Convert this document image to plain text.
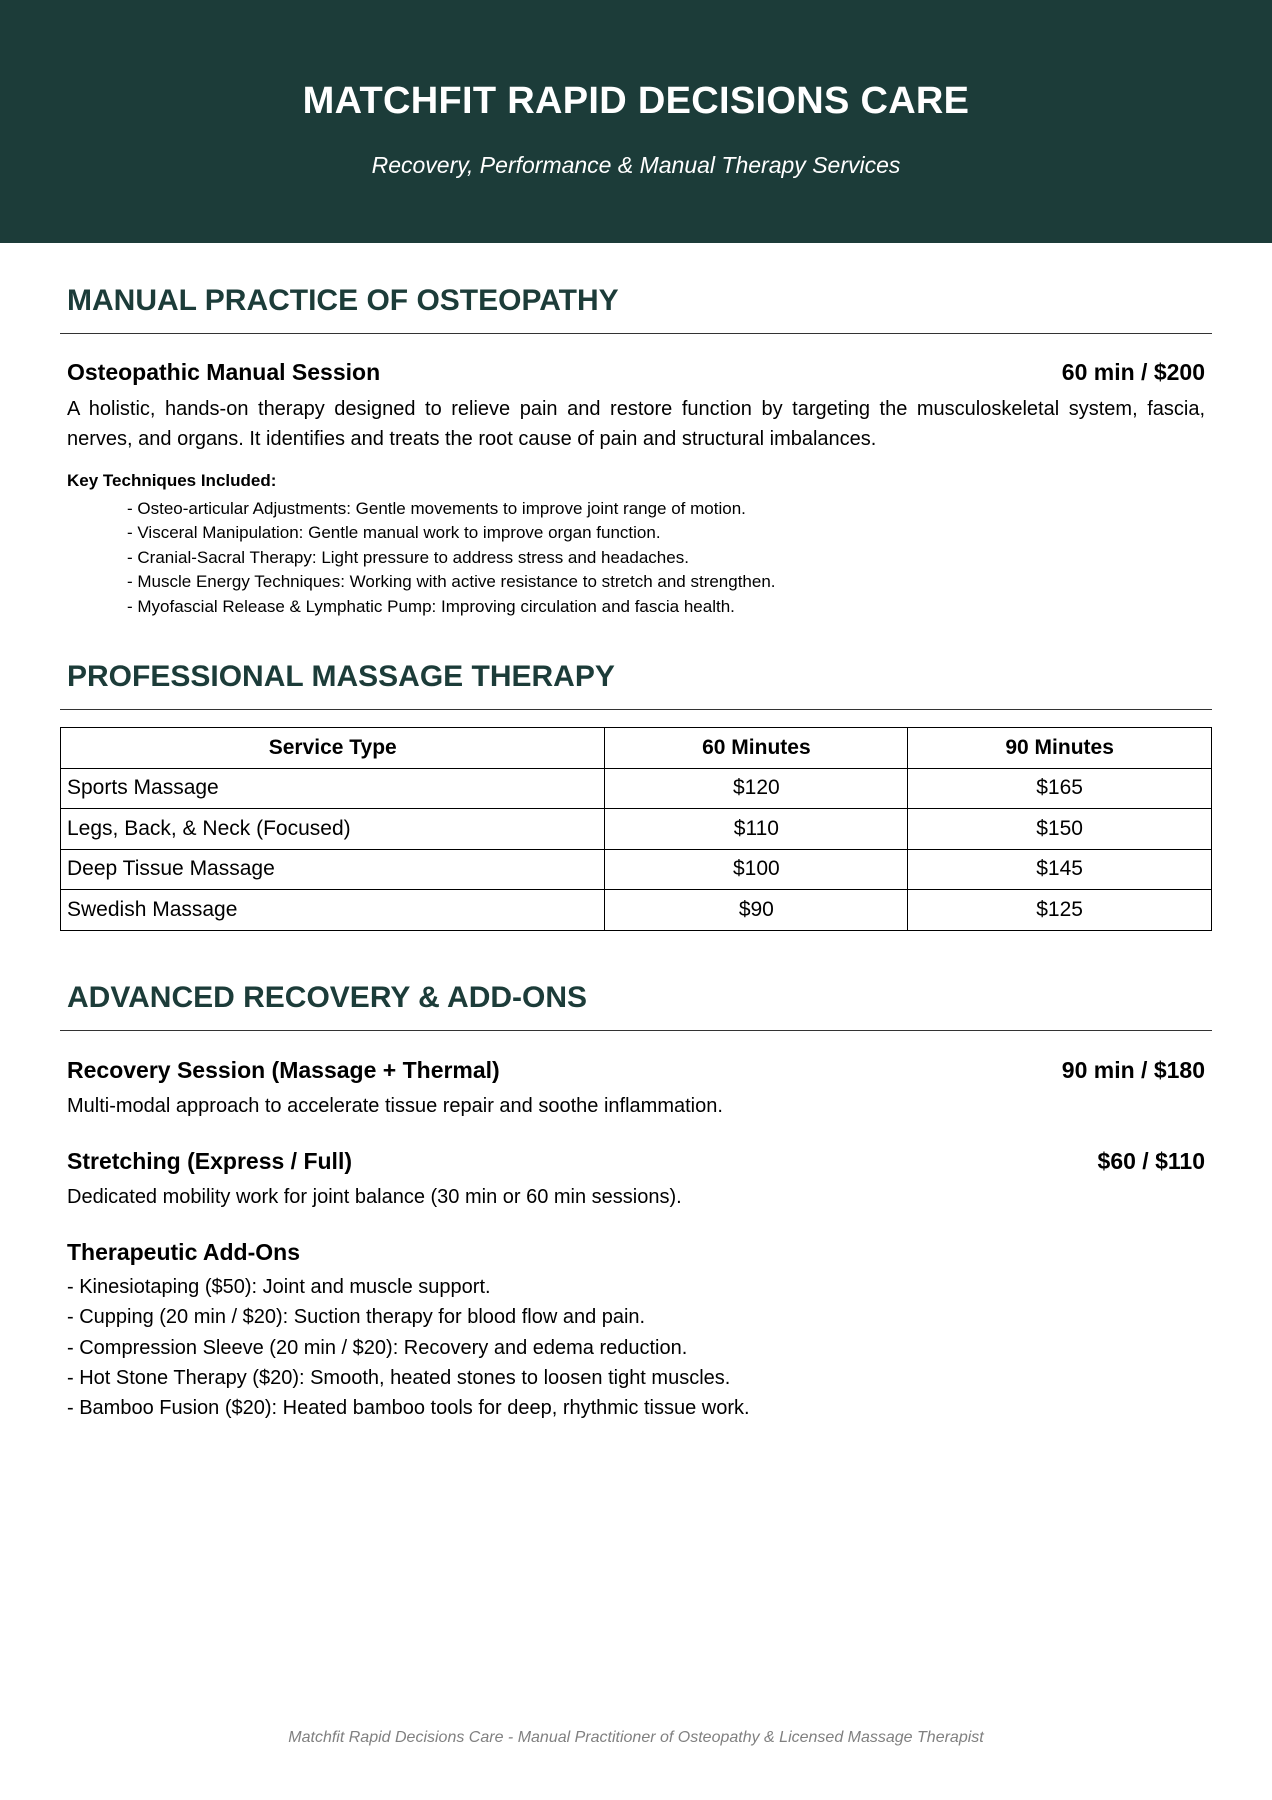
MATCHFIT RAPID DECISIONS CARE
Recovery, Performance & Manual Therapy Services
MANUAL PRACTICE OF OSTEOPATHY
Osteopathic Manual Session	60 min / $200

A holistic, hands-on therapy designed to relieve pain and restore function by targeting the musculoskeletal system, fascia, nerves, and organs. It identifies and treats the root cause of pain and structural imbalances.

Key Techniques Included:
- Osteo-articular Adjustments: Gentle movements to improve joint range of motion.
- Visceral Manipulation: Gentle manual work to improve organ function.
- Cranial-Sacral Therapy: Light pressure to address stress and headaches.
- Muscle Energy Techniques: Working with active resistance to stretch and strengthen.
- Myofascial Release & Lymphatic Pump: Improving circulation and fascia health.
PROFESSIONAL MASSAGE THERAPY
Service Type	60 Minutes	90 Minutes
Sports Massage	$120	$165
Legs, Back, & Neck (Focused)	$110	$150
Deep Tissue Massage	$100	$145
Swedish Massage	$90	$125
ADVANCED RECOVERY & ADD-ONS
Recovery Session (Massage + Thermal)	90 min / $180

Multi-modal approach to accelerate tissue repair and soothe inflammation.

Stretching (Express / Full)	$60 / $110

Dedicated mobility work for joint balance (30 min or 60 min sessions).

Therapeutic Add-Ons
- Kinesiotaping ($50): Joint and muscle support.
- Cupping (20 min / $20): Suction therapy for blood flow and pain.
- Compression Sleeve (20 min / $20): Recovery and edema reduction.
- Hot Stone Therapy ($20): Smooth, heated stones to loosen tight muscles.
- Bamboo Fusion ($20): Heated bamboo tools for deep, rhythmic tissue work.
Matchfit Rapid Decisions Care - Manual Practitioner of Osteopathy & Licensed Massage Therapist
